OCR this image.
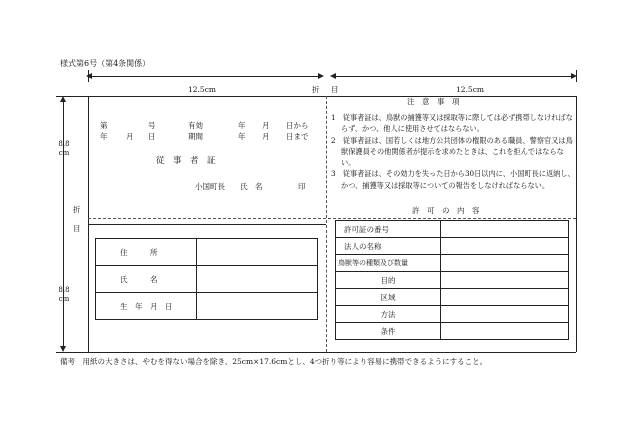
様式第6号（第4条関係）
12.5cm	12.5cm
折 目
8.8
cm
8.8
cm
折
目
第	号	有効	年 月 日から
年 月 日	期間	年 月 日まで
従　事　者　証
小国町長　　氏　名	印
注　意　事　項

1　従事者証は、鳥獣の捕獲等又は採取等に際しては必ず携帯しなければならず、かつ、他人に使用させてはならない。

2　従事者証は、国若しくは地方公共団体の権限のある職員、警察官又は鳥獣保護員その他関係者が提示を求めたときは、これを拒んではならない。

3　従事者証は、その効力を失った日から30日以内に、小国町長に返納し、かつ、捕獲等又は採取等についての報告をしなければならない。

住　　　所	
氏　　　名	
生　年　月　日	
許　可　の　内　容
許可証の番号	
法人の名称	
鳥獣等の種類及び数量	
目的	
区域	
方法	
条件	
備考　用紙の大きさは、やむを得ない場合を除き、25cm×17.6cmとし、4つ折り等により容易に携帯できるようにすること。
